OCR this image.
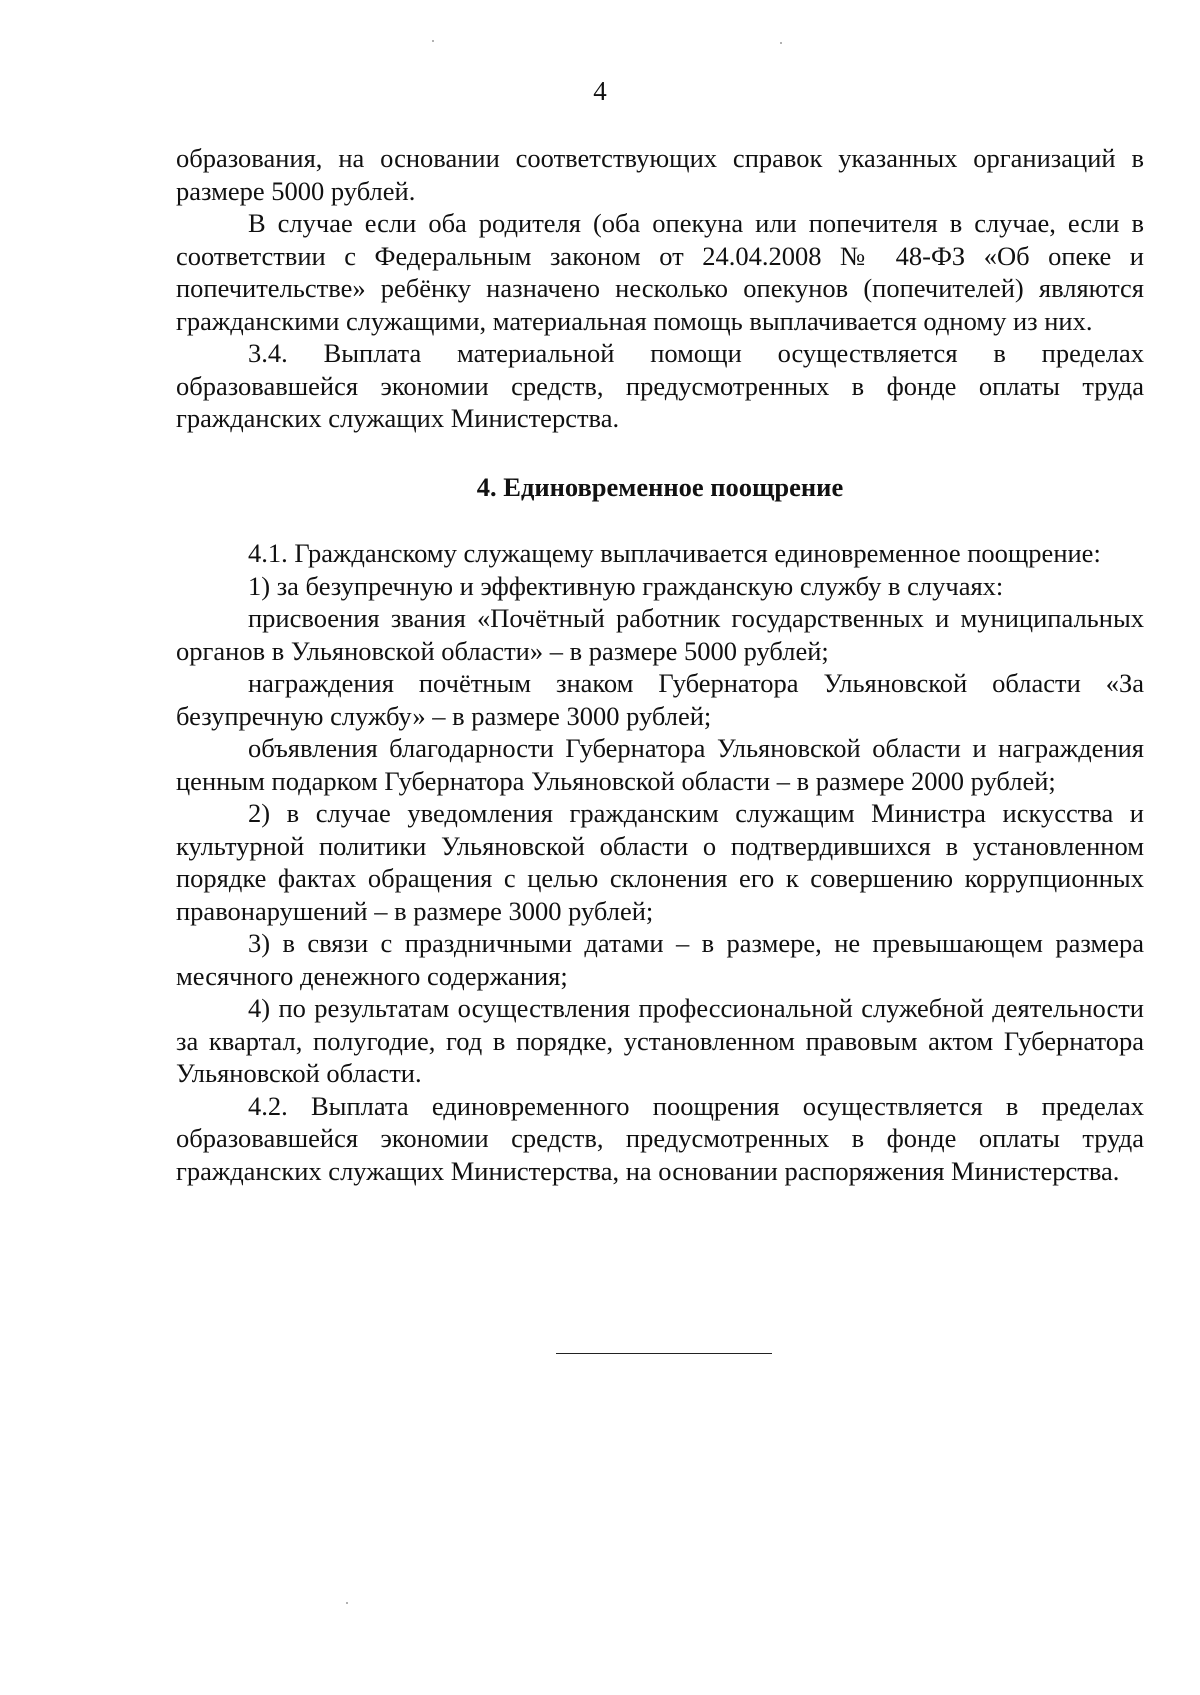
4

образования, на основании соответствующих справок указанных организаций в размере 5000 рублей.

В случае если оба родителя (оба опекуна или попечителя в случае, если в соответствии с Федеральным законом от 24.04.2008 № 48-ФЗ «Об опеке и попечительстве» ребёнку назначено несколько опекунов (попечителей) являются гражданскими служащими, материальная помощь выплачивается одному из них.

3.4. Выплата материальной помощи осуществляется в пределах образовавшейся экономии средств, предусмотренных в фонде оплаты труда гражданских служащих Министерства.

4. Единовременное поощрение

4.1. Гражданскому служащему выплачивается единовременное поощрение:

1) за безупречную и эффективную гражданскую службу в случаях:

присвоения звания «Почётный работник государственных и муниципальных органов в Ульяновской области» – в размере 5000 рублей;

награждения почётным знаком Губернатора Ульяновской области «За безупречную службу» – в размере 3000 рублей;

объявления благодарности Губернатора Ульяновской области и награждения ценным подарком Губернатора Ульяновской области – в размере 2000 рублей;

2) в случае уведомления гражданским служащим Министра искусства и культурной политики Ульяновской области о подтвердившихся в установленном порядке фактах обращения с целью склонения его к совершению коррупционных правонарушений – в размере 3000 рублей;

3) в связи с праздничными датами – в размере, не превышающем размера месячного денежного содержания;

4) по результатам осуществления профессиональной служебной деятельности за квартал, полугодие, год в порядке, установленном правовым актом Губернатора Ульяновской области.

4.2. Выплата единовременного поощрения осуществляется в пределах образовавшейся экономии средств, предусмотренных в фонде оплаты труда гражданских служащих Министерства, на основании распоряжения Министерства.
